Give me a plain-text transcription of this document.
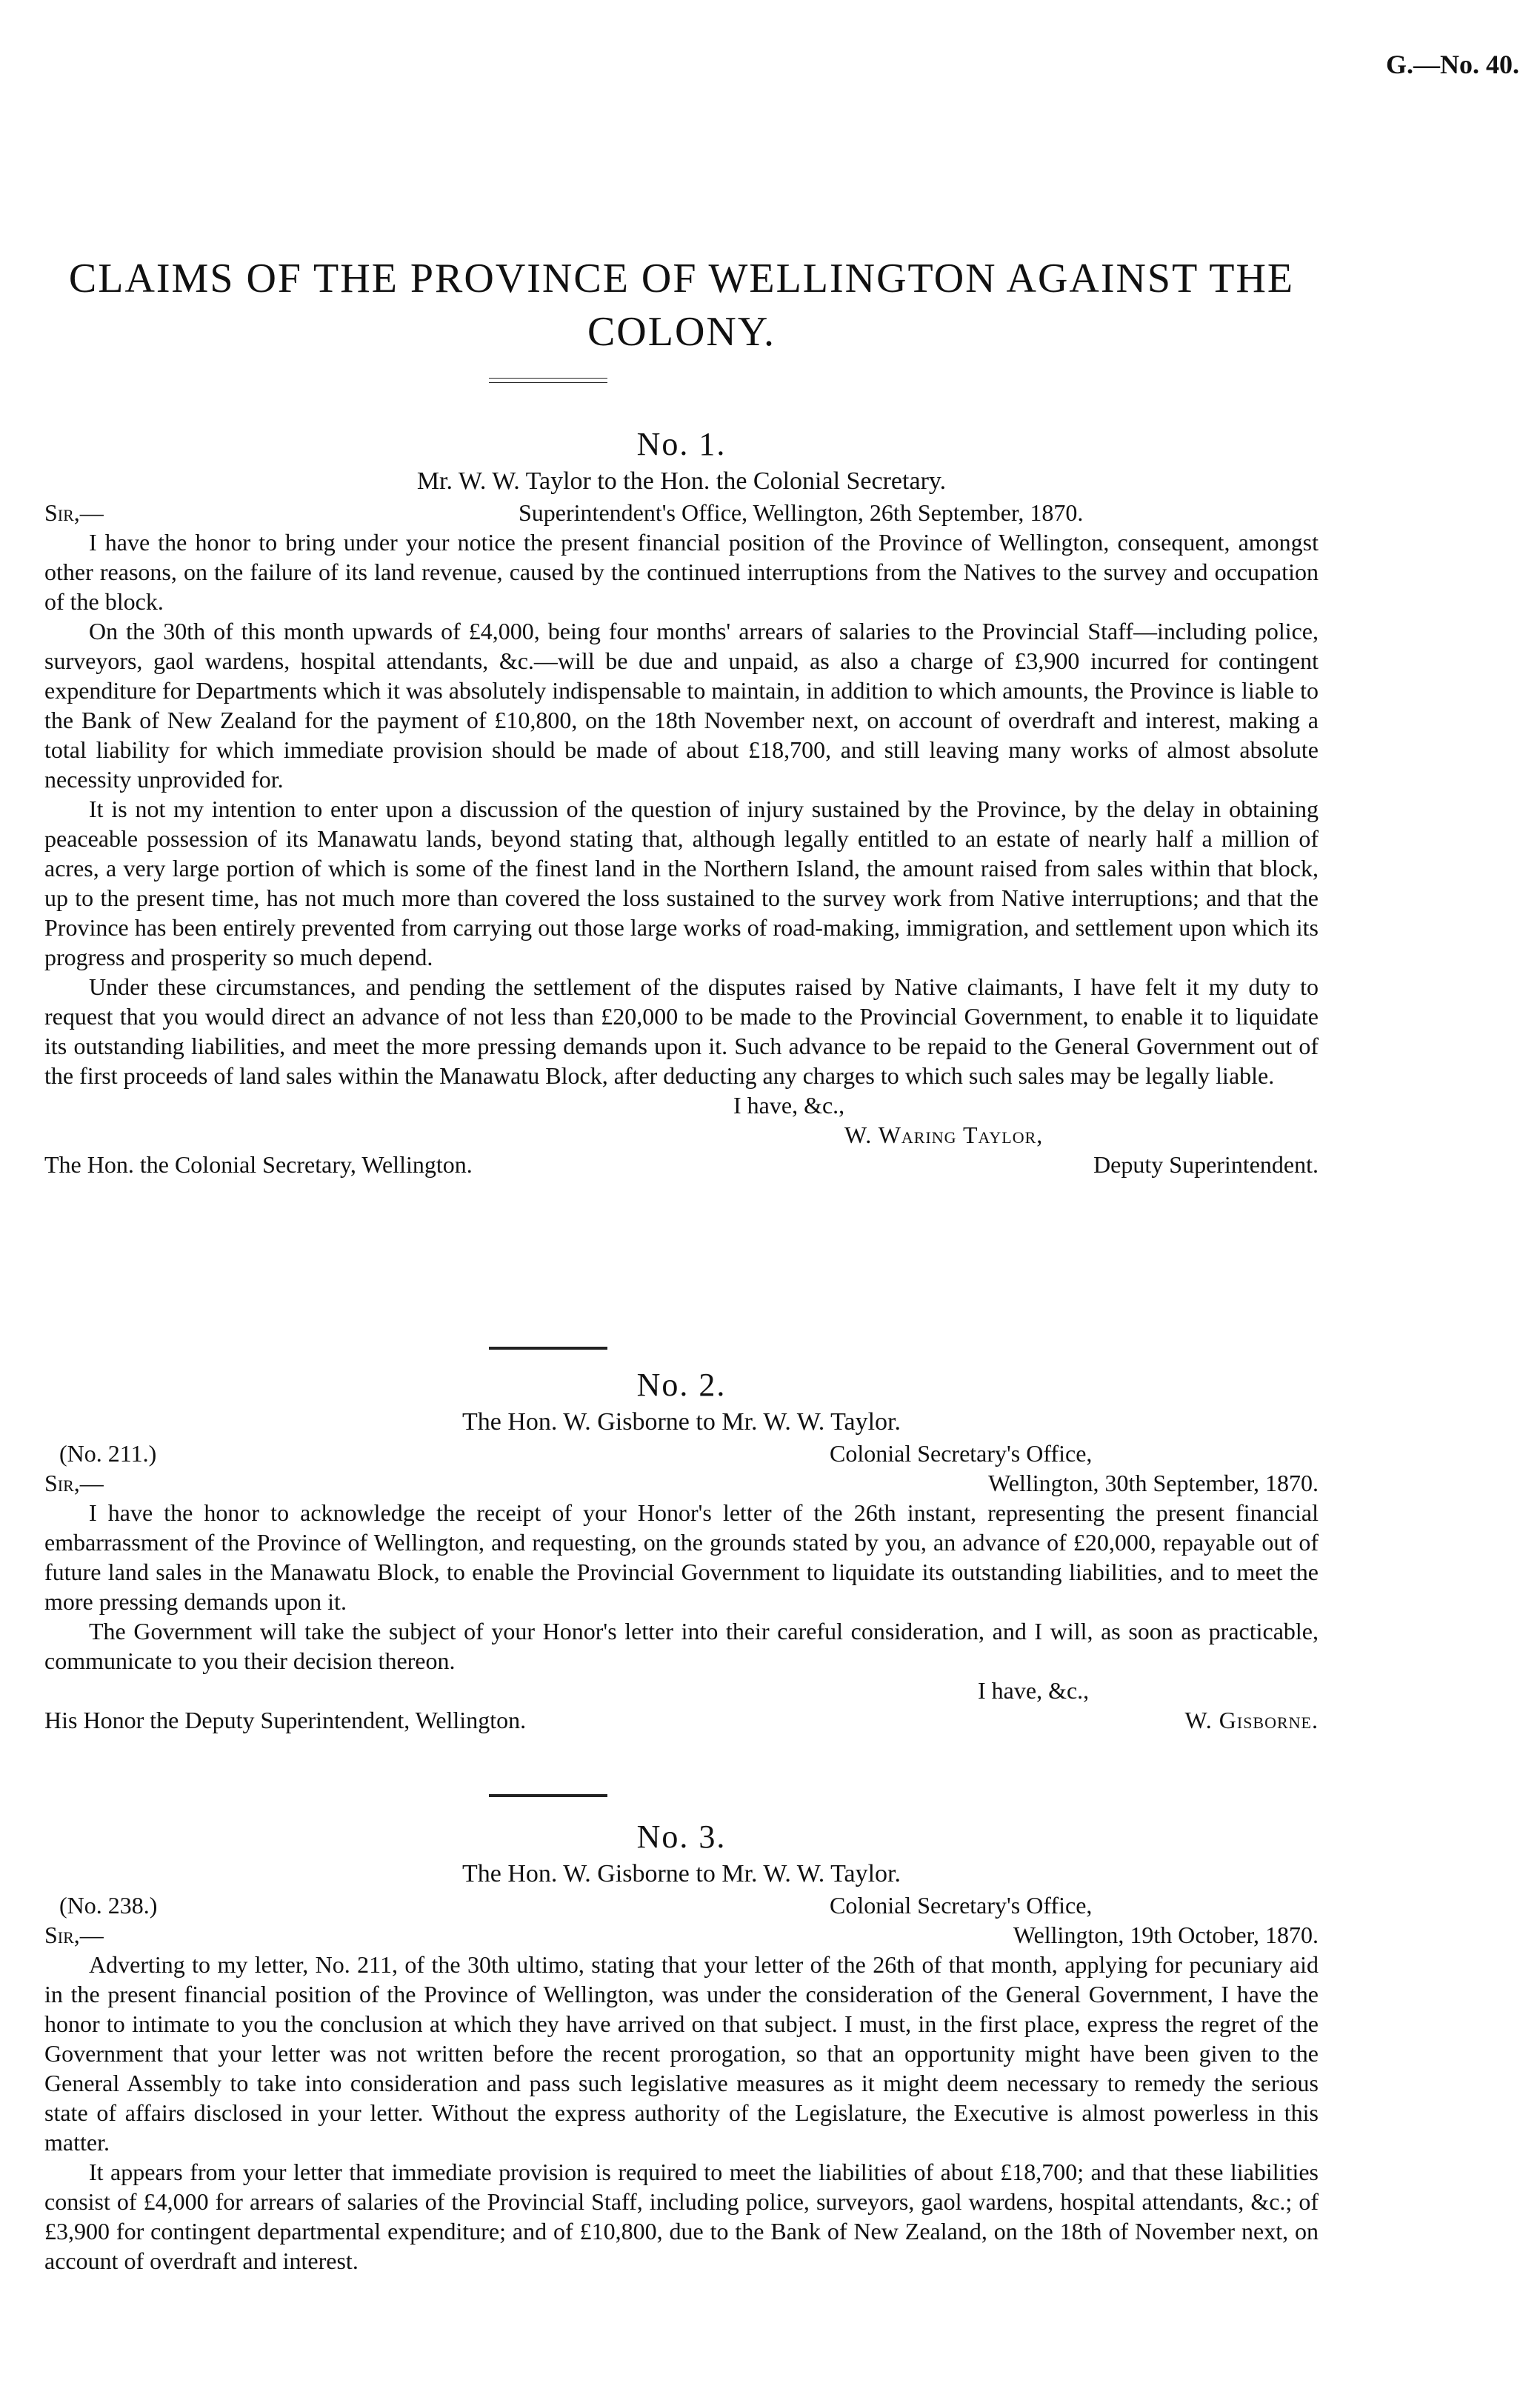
G.—No. 40.
CLAIMS OF THE PROVINCE OF WELLINGTON AGAINST THE COLONY.
No. 1.
Mr. W. W. Taylor to the Hon. the Colonial Secretary.
Sir,—	Superintendent's Office, Wellington, 26th September, 1870.

I have the honor to bring under your notice the present financial position of the Province of Wellington, consequent, amongst other reasons, on the failure of its land revenue, caused by the continued interruptions from the Natives to the survey and occupation of the block.

On the 30th of this month upwards of £4,000, being four months' arrears of salaries to the Provincial Staff—including police, surveyors, gaol wardens, hospital attendants, &c.—will be due and unpaid, as also a charge of £3,900 incurred for contingent expenditure for Departments which it was absolutely indispensable to maintain, in addition to which amounts, the Province is liable to the Bank of New Zealand for the payment of £10,800, on the 18th November next, on account of overdraft and interest, making a total liability for which immediate provision should be made of about £18,700, and still leaving many works of almost absolute necessity unprovided for.

It is not my intention to enter upon a discussion of the question of injury sustained by the Province, by the delay in obtaining peaceable possession of its Manawatu lands, beyond stating that, although legally entitled to an estate of nearly half a million of acres, a very large portion of which is some of the finest land in the Northern Island, the amount raised from sales within that block, up to the present time, has not much more than covered the loss sustained to the survey work from Native interruptions; and that the Province has been entirely prevented from carrying out those large works of road-making, immigration, and settlement upon which its progress and prosperity so much depend.

Under these circumstances, and pending the settlement of the disputes raised by Native claimants, I have felt it my duty to request that you would direct an advance of not less than £20,000 to be made to the Provincial Government, to enable it to liquidate its outstanding liabilities, and meet the more pressing demands upon it. Such advance to be repaid to the General Government out of the first proceeds of land sales within the Manawatu Block, after deducting any charges to which such sales may be legally liable.

I have, &c.,
W. Waring Taylor,
The Hon. the Colonial Secretary, Wellington.	Deputy Superintendent.
No. 2.
The Hon. W. Gisborne to Mr. W. W. Taylor.
(No. 211.)	Colonial Secretary's Office,
Sir,—	Wellington, 30th September, 1870.

I have the honor to acknowledge the receipt of your Honor's letter of the 26th instant, representing the present financial embarrassment of the Province of Wellington, and requesting, on the grounds stated by you, an advance of £20,000, repayable out of future land sales in the Manawatu Block, to enable the Provincial Government to liquidate its outstanding liabilities, and to meet the more pressing demands upon it.

The Government will take the subject of your Honor's letter into their careful consideration, and I will, as soon as practicable, communicate to you their decision thereon.

I have, &c.,
His Honor the Deputy Superintendent, Wellington.	W. Gisborne.
No. 3.
The Hon. W. Gisborne to Mr. W. W. Taylor.
(No. 238.)	Colonial Secretary's Office,
Sir,—	Wellington, 19th October, 1870.

Adverting to my letter, No. 211, of the 30th ultimo, stating that your letter of the 26th of that month, applying for pecuniary aid in the present financial position of the Province of Wellington, was under the consideration of the General Government, I have the honor to intimate to you the conclusion at which they have arrived on that subject. I must, in the first place, express the regret of the Government that your letter was not written before the recent prorogation, so that an opportunity might have been given to the General Assembly to take into consideration and pass such legislative measures as it might deem necessary to remedy the serious state of affairs disclosed in your letter. Without the express authority of the Legislature, the Executive is almost powerless in this matter.

It appears from your letter that immediate provision is required to meet the liabilities of about £18,700; and that these liabilities consist of £4,000 for arrears of salaries of the Provincial Staff, including police, surveyors, gaol wardens, hospital attendants, &c.; of £3,900 for contingent departmental expenditure; and of £10,800, due to the Bank of New Zealand, on the 18th of November next, on account of overdraft and interest.
